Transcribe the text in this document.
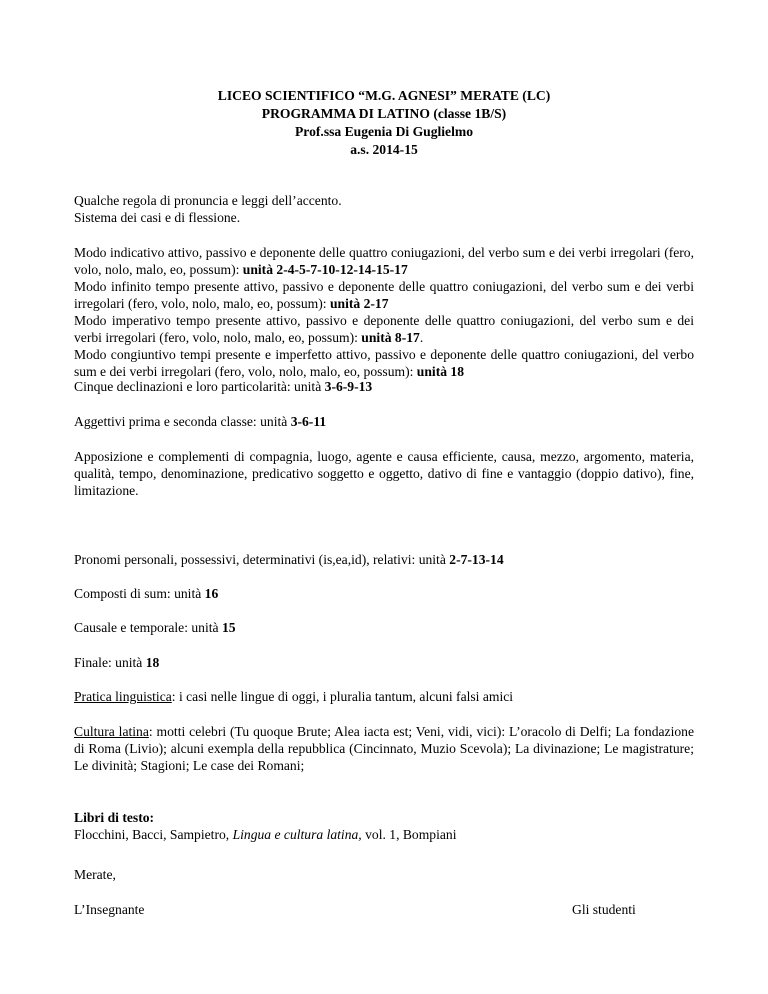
LICEO SCIENTIFICO “M.G. AGNESI” MERATE (LC)
PROGRAMMA DI LATINO (classe 1B/S)
Prof.ssa Eugenia Di Guglielmo
a.s. 2014-15

Qualche regola di pronuncia e leggi dell’accento.

Sistema dei casi e di flessione.

Modo indicativo attivo, passivo e deponente delle quattro coniugazioni, del verbo sum e dei verbi irregolari (fero, volo, nolo, malo, eo, possum): unità 2-4-5-7-10-12-14-15-17

Modo infinito tempo presente attivo, passivo e deponente delle quattro coniugazioni, del verbo sum e dei verbi irregolari (fero, volo, nolo, malo, eo, possum): unità 2-17

Modo imperativo tempo presente attivo, passivo e deponente delle quattro coniugazioni, del verbo sum e dei verbi irregolari (fero, volo, nolo, malo, eo, possum): unità 8-17.

Modo congiuntivo tempi presente e imperfetto attivo, passivo e deponente delle quattro coniugazioni, del verbo sum e dei verbi irregolari (fero, volo, nolo, malo, eo, possum): unità 18

Cinque declinazioni e loro particolarità: unità 3-6-9-13
Aggettivi prima e seconda classe: unità 3-6-11
Apposizione e complementi di compagnia, luogo, agente e causa efficiente, causa, mezzo, argomento, materia, qualità, tempo, denominazione, predicativo soggetto e oggetto, dativo di fine e vantaggio (doppio dativo), fine, limitazione.
Pronomi personali, possessivi, determinativi (is,ea,id), relativi: unità 2-7-13-14
Composti di sum: unità 16
Causale e temporale: unità 15
Finale: unità 18
Pratica linguistica: i casi nelle lingue di oggi, i pluralia tantum, alcuni falsi amici
Cultura latina: motti celebri (Tu quoque Brute; Alea iacta est; Veni, vidi, vici): L’oracolo di Delfi; La fondazione di Roma (Livio); alcuni exempla della repubblica (Cincinnato, Muzio Scevola); La divinazione; Le magistrature; Le divinità; Stagioni; Le case dei Romani;

Libri di testo:

Flocchini, Bacci, Sampietro, Lingua e cultura latina, vol. 1, Bompiani

Merate,
L’Insegnante	Gli studenti
